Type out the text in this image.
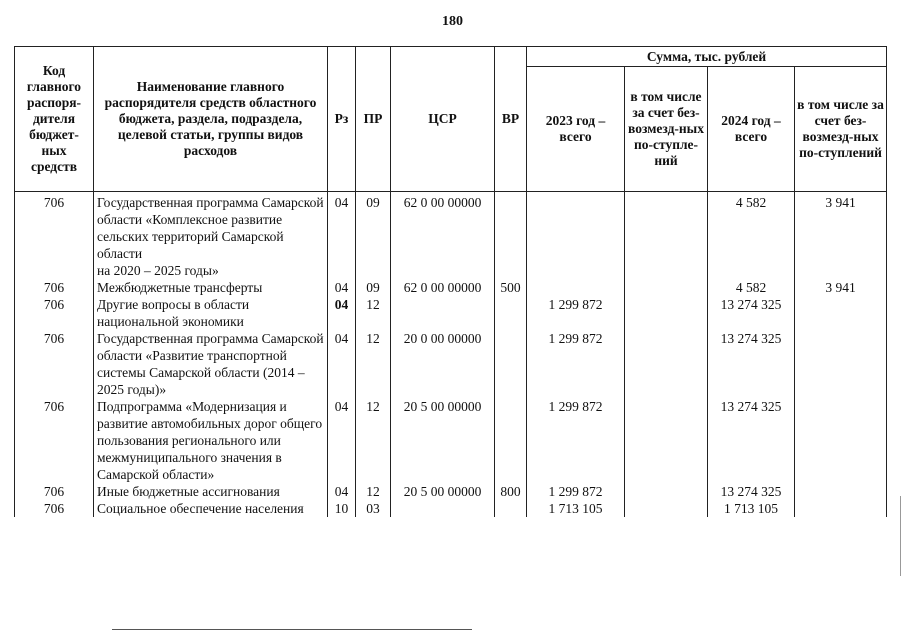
180
Код главного распоря-дителя бюджет-ных средств	Наименование главного распорядителя средств областного бюджета, раздела, подраздела, целевой статьи, группы видов расходов	Рз	ПР	ЦСР	ВР	Сумма, тыс. рублей			
						2023 год – всего	в том числе за счет без-возмезд-ных по-ступле-ний	2024 год – всего	в том числе за счет без-возмезд-ных по-ступлений
706	Государственная программа Самарской области «Комплексное развитие сельских территорий Самарской области
на 2020 – 2025 годы»	04	09	62 0 00 00000				4 582	3 941
706	Межбюджетные трансферты	04	09	62 0 00 00000	500			4 582	3 941
706	Другие вопросы в области национальной экономики	04	12			1 299 872		13 274 325	
706	Государственная программа Самарской области «Развитие транспортной системы Самарской области (2014 – 2025 годы)»	04	12	20 0 00 00000		1 299 872		13 274 325	
706	Подпрограмма «Модернизация и развитие автомобильных дорог общего пользования регионального или межмуниципального значения в Самарской области»	04	12	20 5 00 00000		1 299 872		13 274 325	
706	Иные бюджетные ассигнования	04	12	20 5 00 00000	800	1 299 872		13 274 325	
706	Социальное обеспечение населения	10	03			1 713 105		1 713 105	
